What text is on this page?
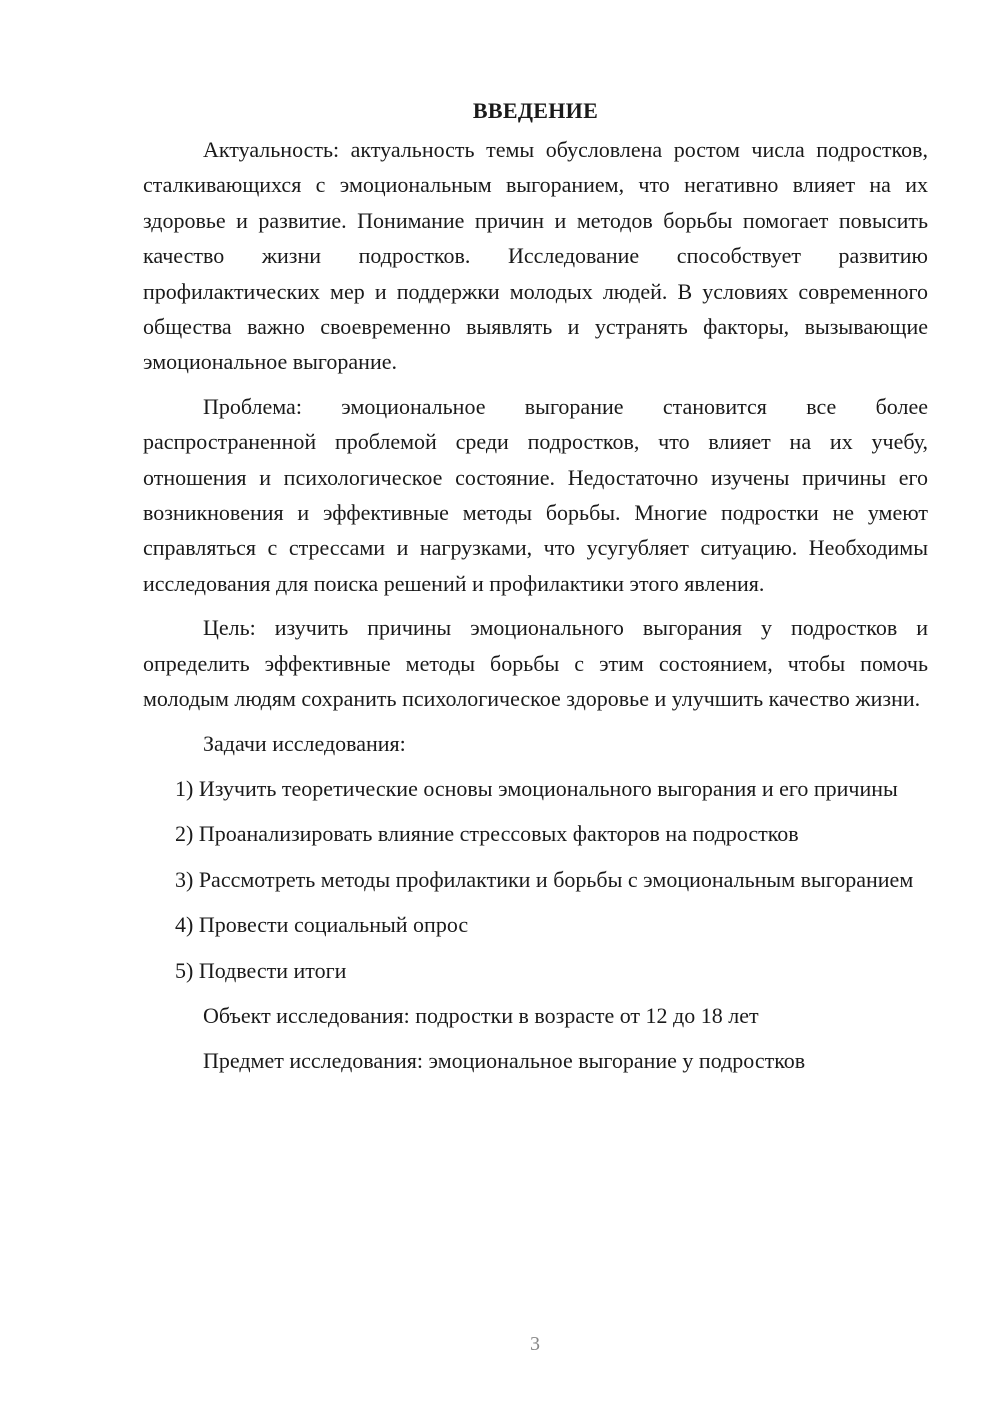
ВВЕДЕНИЕ

Актуальность: актуальность темы обусловлена ростом числа подростков, сталкивающихся с эмоциональным выгоранием, что негативно влияет на их здоровье и развитие. Понимание причин и методов борьбы помогает повысить качество жизни подростков. Исследование способствует развитию профилактических мер и поддержки молодых людей. В условиях современного общества важно своевременно выявлять и устранять факторы, вызывающие эмоциональное выгорание.

Проблема: эмоциональное выгорание становится все более распространенной проблемой среди подростков, что влияет на их учебу, отношения и психологическое состояние. Недостаточно изучены причины его возникновения и эффективные методы борьбы. Многие подростки не умеют справляться с стрессами и нагрузками, что усугубляет ситуацию. Необходимы исследования для поиска решений и профилактики этого явления.

Цель: изучить причины эмоционального выгорания у подростков и определить эффективные методы борьбы с этим состоянием, чтобы помочь молодым людям сохранить психологическое здоровье и улучшить качество жизни.

Задачи исследования:

1) Изучить теоретические основы эмоционального выгорания и его причины

2) Проанализировать влияние стрессовых факторов на подростков

3) Рассмотреть методы профилактики и борьбы с эмоциональным выгоранием

4) Провести социальный опрос

5) Подвести итоги

Объект исследования: подростки в возрасте от 12 до 18 лет

Предмет исследования: эмоциональное выгорание у подростков

3
